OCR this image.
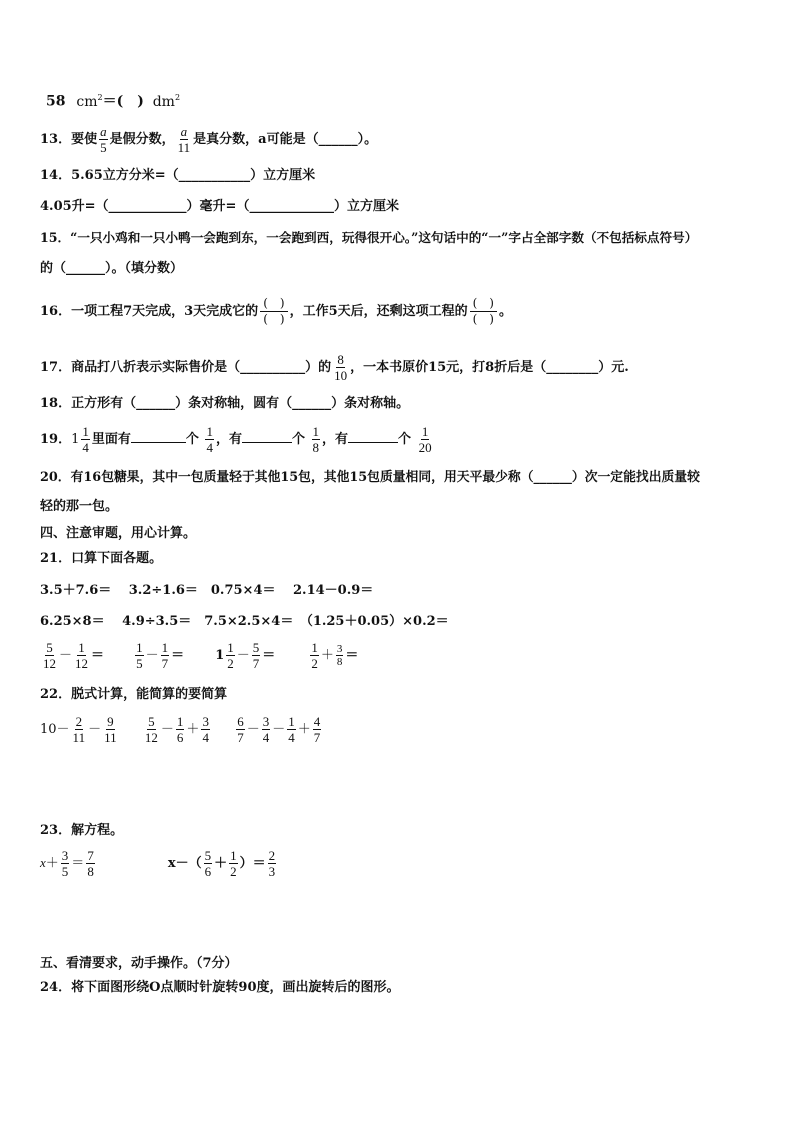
58 $cm^2=$(　) $dm^2$
13．要使 $\frac{a}{5}$ 是假分数， $\frac{a}{11}$ 是真分数，a可能是（______）。
14．5.65立方分米=（___________）立方厘米
4.05升=（____________）毫升=（_____________）立方厘米
15．“一只小鸡和一只小鸭一会跑到东，一会跑到西，玩得很开心。”这句话中的“一”字占全部字数（不包括标点符号）
的（______）。（填分数）
16．一项工程7天完成，3天完成它的
(　)
(　) ，工作5天后，还剩这项工程的
(　)
(　) 。
17．商品打八折表示实际售价是（__________）的 $\frac{8}{10}$ ，一本书原价15元，打8折后是（________）元.
18．正方形有（______）条对称轴，圆有（______）条对称轴。
19．$1 \frac{1}{4}$ 里面有	个 $\frac{1}{4}$ ，有	个 $\frac{1}{8}$ ，有	个 $\frac{1}{20}$
20．有16包糖果，其中一包质量轻于其他15包，其他15包质量相同，用天平最少称（______）次一定能找出质量较
轻的那一包。
四、注意审题，用心计算。
21．口算下面各题。
3.5＋7.6＝　 3.2÷1.6＝　0.75×4＝　 2.14－0.9＝
6.25×8＝　 4.9÷3.5＝　7.5×2.5×4＝　（1.25＋0.05）×0.2＝
$\frac{5}{12} - \frac{1}{12} = \frac{1}{5} - \frac{1}{7} = 1 \frac{1}{2} - \frac{5}{7}$ ＝	$\frac{1}{2} + \frac{3}{8}$ ＝
22．脱式计算，能简算的要简算
$10- \frac{2}{11} - \frac{9}{11}$
$\frac{5}{12} - \frac{1}{6} + \frac{3}{4}$
$\frac{6}{7} - \frac{3}{4} - \frac{1}{4} + \frac{4}{7}$
23．解方程。
$x+ \frac{3}{5} = \frac{7}{8}$	$x-( \frac{5}{6} + \frac{1}{2}$ ）＝ $\frac{2}{3}$
五、看清要求，动手操作。（7分）
24．将下面图形绕O点顺时针旋转90度，画出旋转后的图形。
